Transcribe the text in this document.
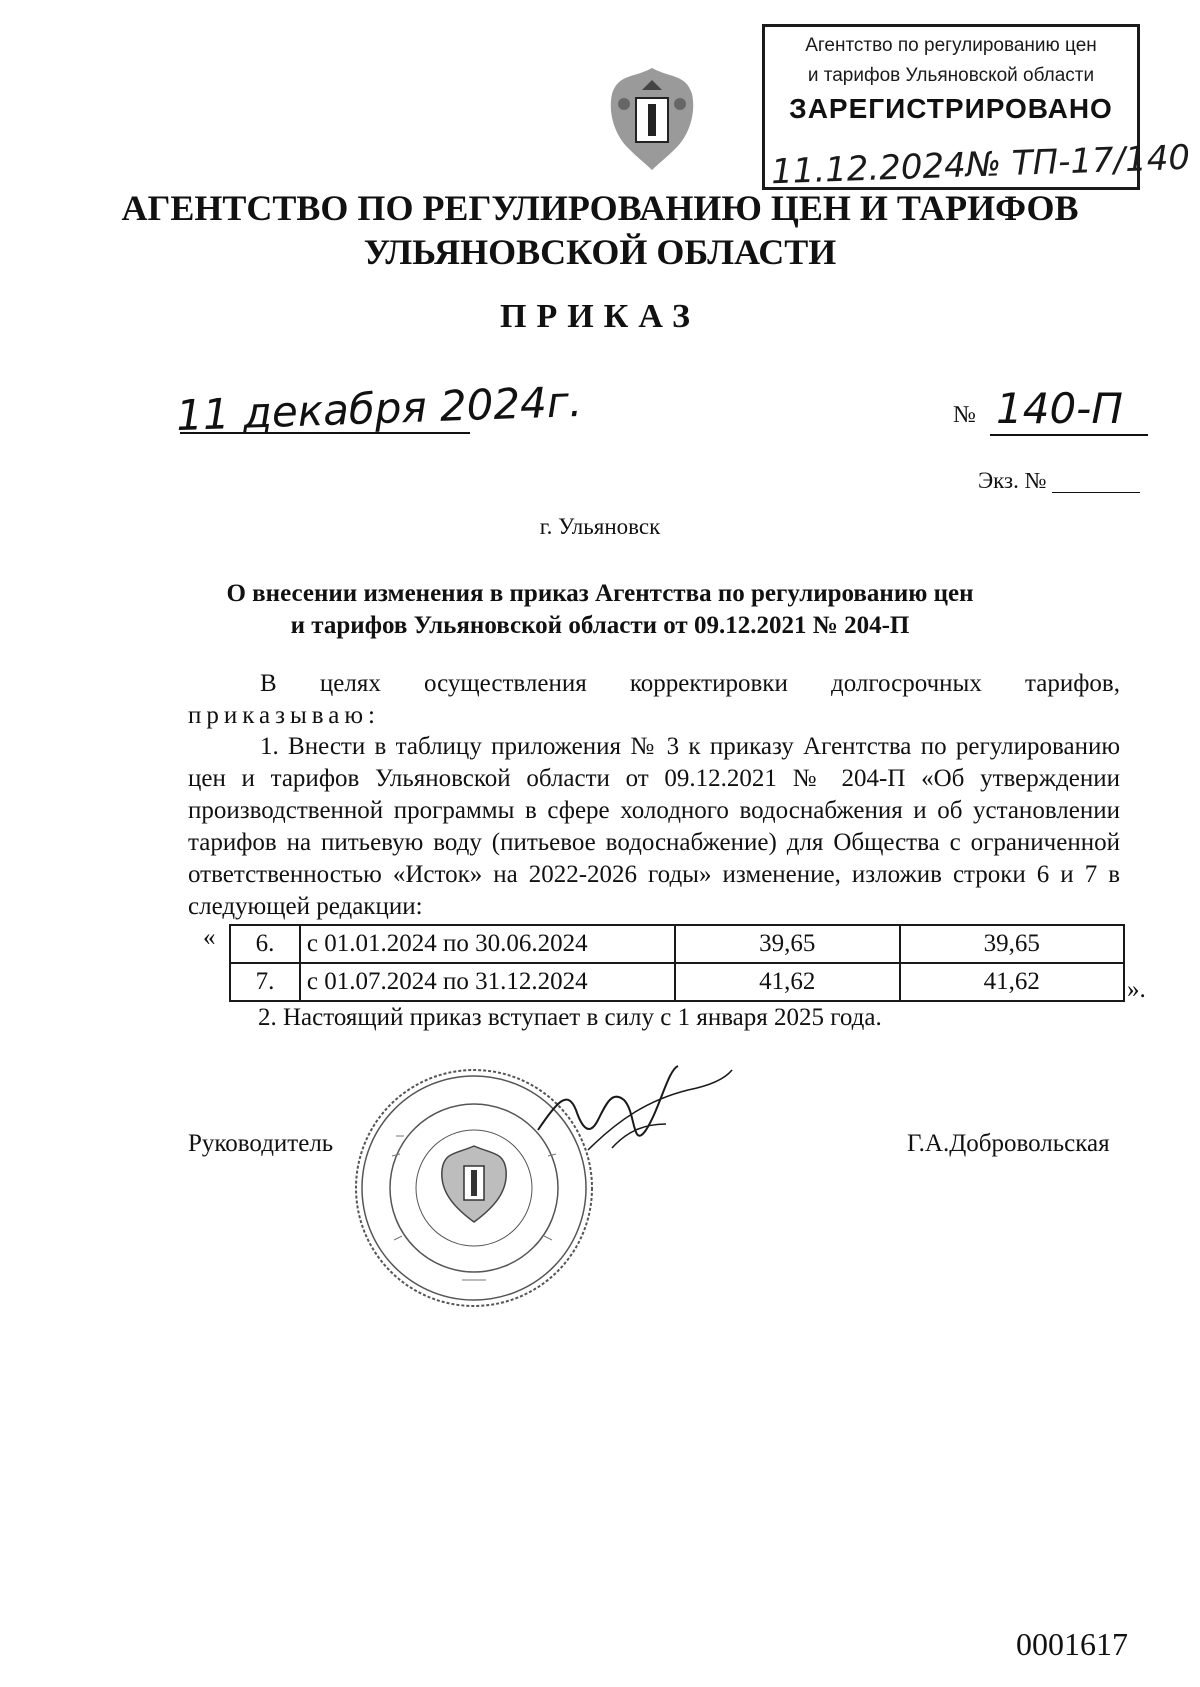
Агентство по регулированию цен
и тарифов Ульяновской области
ЗАРЕГИСТРИРОВАНО
11.12.2024№ ТП-17/140
АГЕНТСТВО ПО РЕГУЛИРОВАНИЮ ЦЕН И ТАРИФОВ
УЛЬЯНОВСКОЙ ОБЛАСТИ
ПРИКАЗ
11 декабря 2024г.	№ 140-П
Экз. №
г. Ульяновск
О внесении изменения в приказ Агентства по регулированию цен
и тарифов Ульяновской области от 09.12.2021 № 204-П
В целях осуществления корректировки долгосрочных тарифов,
приказываю:
1. Внести в таблицу приложения № 3 к приказу Агентства по регулированию цен и тарифов Ульяновской области от 09.12.2021 № 204-П «Об утверждении производственной программы в сфере холодного водоснабжения и об установлении тарифов на питьевую воду (питьевое водоснабжение) для Общества с ограниченной ответственностью «Исток» на 2022-2026 годы» изменение, изложив строки 6 и 7 в следующей редакции:
« 6.	с 01.01.2024 по 30.06.2024	39,65	39,65
7.	с 01.07.2024 по 31.12.2024	41,62	41,62	».
2. Настоящий приказ вступает в силу с 1 января 2025 года.
Руководитель	Г.А.Добровольская
0001617
